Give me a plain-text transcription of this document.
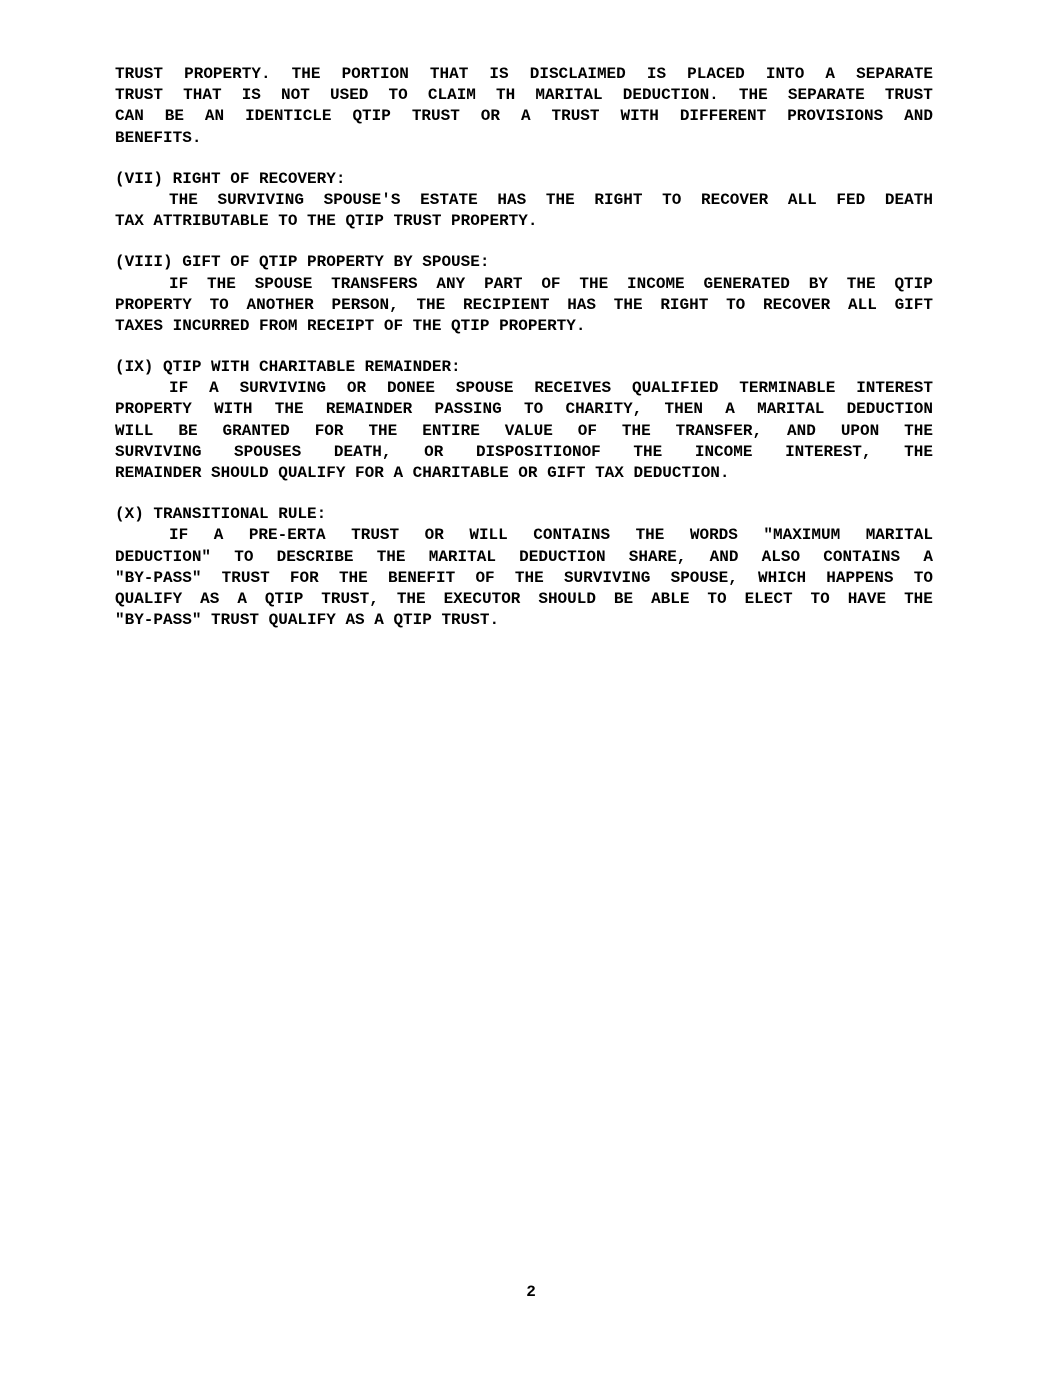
TRUST PROPERTY. THE PORTION THAT IS DISCLAIMED IS PLACED INTO A SEPARATE
TRUST THAT IS NOT USED TO CLAIM TH MARITAL DEDUCTION. THE SEPARATE TRUST
CAN BE AN IDENTICLE QTIP TRUST OR A TRUST WITH DIFFERENT PROVISIONS AND
BENEFITS.
(VII) RIGHT OF RECOVERY:
THE SURVIVING SPOUSE'S ESTATE HAS THE RIGHT TO RECOVER ALL FED DEATH
TAX ATTRIBUTABLE TO THE QTIP TRUST PROPERTY.
(VIII) GIFT OF QTIP PROPERTY BY SPOUSE:
IF THE SPOUSE TRANSFERS ANY PART OF THE INCOME GENERATED BY THE QTIP
PROPERTY TO ANOTHER PERSON, THE RECIPIENT HAS THE RIGHT TO RECOVER ALL GIFT
TAXES INCURRED FROM RECEIPT OF THE QTIP PROPERTY.
(IX) QTIP WITH CHARITABLE REMAINDER:
IF A SURVIVING OR DONEE SPOUSE RECEIVES QUALIFIED TERMINABLE INTEREST
PROPERTY WITH THE REMAINDER PASSING TO CHARITY, THEN A MARITAL DEDUCTION
WILL BE GRANTED FOR THE ENTIRE VALUE OF THE TRANSFER, AND UPON THE
SURVIVING SPOUSES DEATH, OR DISPOSITIONOF THE INCOME INTEREST, THE
REMAINDER SHOULD QUALIFY FOR A CHARITABLE OR GIFT TAX DEDUCTION.
(X) TRANSITIONAL RULE:
IF A PRE-ERTA TRUST OR WILL CONTAINS THE WORDS "MAXIMUM MARITAL
DEDUCTION" TO DESCRIBE THE MARITAL DEDUCTION SHARE, AND ALSO CONTAINS A
"BY-PASS" TRUST FOR THE BENEFIT OF THE SURVIVING SPOUSE, WHICH HAPPENS TO
QUALIFY AS A QTIP TRUST, THE EXECUTOR SHOULD BE ABLE TO ELECT TO HAVE THE
"BY-PASS" TRUST QUALIFY AS A QTIP TRUST.
2
